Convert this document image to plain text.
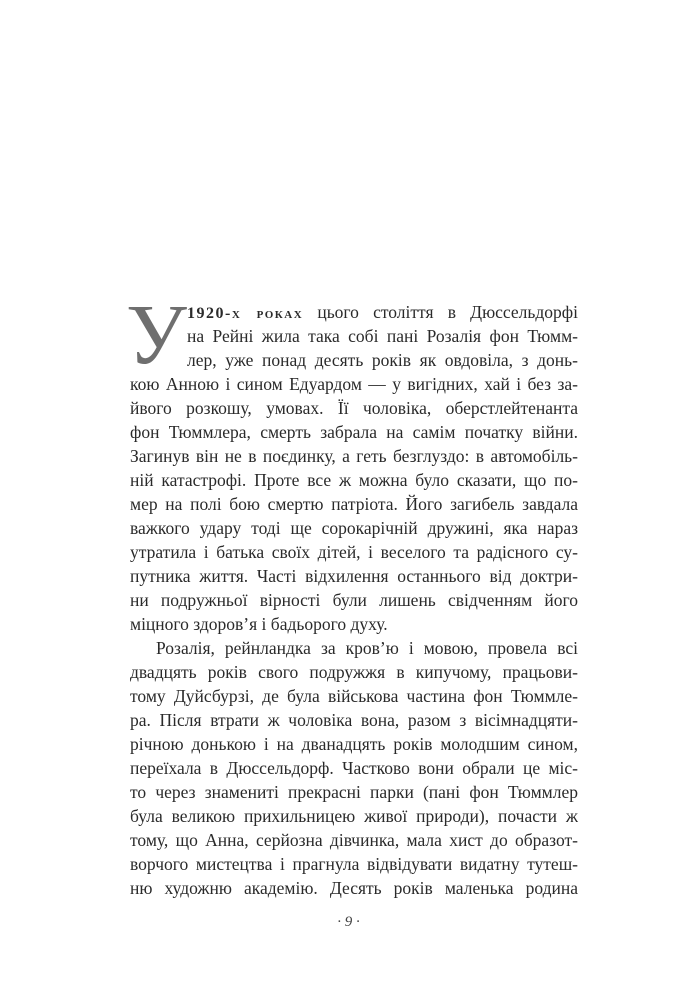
У 1920-х роках цього століття в Дюссельдорфі
на Рейні жила така собі пані Розалія фон Тюмм-
лер, уже понад десять років як овдовіла, з донь-
кою Анною і сином Едуардом — у вигідних, хай і без за-
йвого розкошу, умовах. Її чоловіка, оберстлейтенанта
фон Тюммлера, смерть забрала на самім початку війни.
Загинув він не в поєдинку, а геть безглуздо: в автомобіль-
ній катастрофі. Проте все ж можна було сказати, що по-
мер на полі бою смертю патріота. Його загибель завдала
важкого удару тоді ще сорокарічній дружині, яка нараз
утратила і батька своїх дітей, і веселого та радісного су-
путника життя. Часті відхилення останнього від доктри-
ни подружньої вірності були лишень свідченням його
міцного здоров’я і бадьорого духу.
Розалія, рейнландка за кров’ю і мовою, провела всі
двадцять років свого подружжя в кипучому, працьови-
тому Дуйсбурзі, де була військова частина фон Тюммле-
ра. Після втрати ж чоловіка вона, разом з вісімнадцяти-
річною донькою і на дванадцять років молодшим сином,
переїхала в Дюссельдорф. Частково вони обрали це міс-
то через знамениті прекрасні парки (пані фон Тюммлер
була великою прихильницею живої природи), почасти ж
тому, що Анна, серйозна дівчинка, мала хист до образот-
ворчого мистецтва і прагнула відвідувати видатну тутеш-
ню художню академію. Десять років маленька родина
· 9 ·
